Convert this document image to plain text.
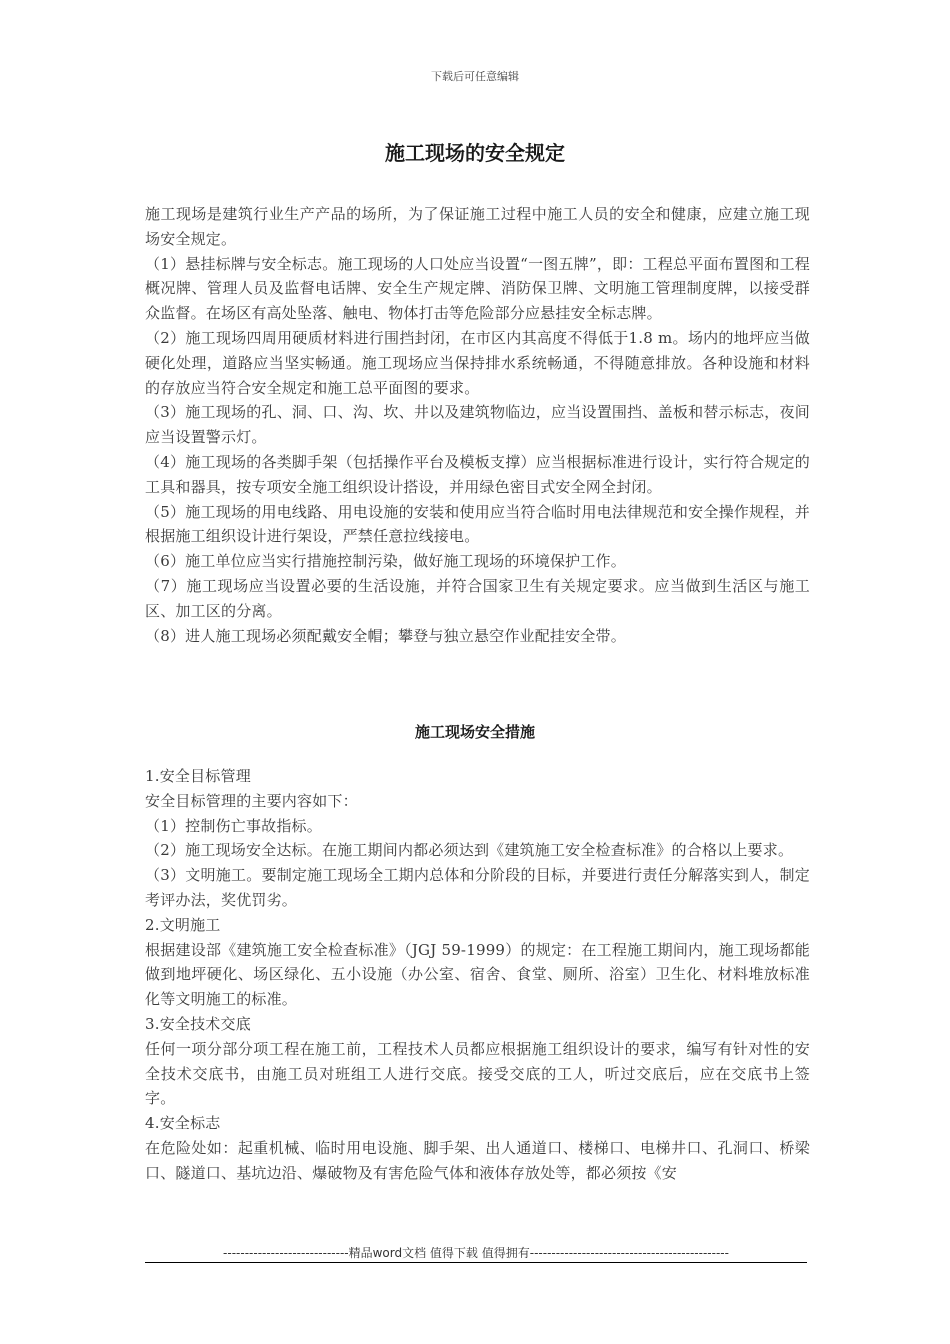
下载后可任意编辑
施工现场的安全规定

施工现场是建筑行业生产产品的场所，为了保证施工过程中施工人员的安全和健康，应建立施工现场安全规定。

（1）悬挂标牌与安全标志。施工现场的人口处应当设置“一图五牌”，即：工程总平面布置图和工程概况牌、管理人员及监督电话牌、安全生产规定牌、消防保卫牌、文明施工管理制度牌，以接受群众监督。在场区有高处坠落、触电、物体打击等危险部分应悬挂安全标志牌。

（2）施工现场四周用硬质材料进行围挡封闭，在市区内其高度不得低于1.8 m。场内的地坪应当做硬化处理，道路应当坚实畅通。施工现场应当保持排水系统畅通，不得随意排放。各种设施和材料的存放应当符合安全规定和施工总平面图的要求。

（3）施工现场的孔、洞、口、沟、坎、井以及建筑物临边，应当设置围挡、盖板和替示标志，夜间应当设置警示灯。

（4）施工现场的各类脚手架（包括操作平台及模板支撑）应当根据标准进行设计，实行符合规定的工具和器具，按专项安全施工组织设计搭设，并用绿色密目式安全网全封闭。

（5）施工现场的用电线路、用电设施的安装和使用应当符合临时用电法律规范和安全操作规程，并根据施工组织设计进行架设，严禁任意拉线接电。

（6）施工单位应当实行措施控制污染，做好施工现场的环境保护工作。

（7）施工现场应当设置必要的生活设施，并符合国家卫生有关规定要求。应当做到生活区与施工区、加工区的分离。

（8）进人施工现场必须配戴安全帽；攀登与独立悬空作业配挂安全带。

施工现场安全措施

1.安全目标管理

安全目标管理的主要内容如下：

（1）控制伤亡事故指标。

（2）施工现场安全达标。在施工期间内都必须达到《建筑施工安全检查标准》的合格以上要求。

（3）文明施工。要制定施工现场全工期内总体和分阶段的目标，并要进行责任分解落实到人，制定考评办法，奖优罚劣。

2.文明施工

根据建设部《建筑施工安全检查标准》（JGJ 59-1999）的规定：在工程施工期间内，施工现场都能做到地坪硬化、场区绿化、五小设施（办公室、宿舍、食堂、厕所、浴室）卫生化、材料堆放标准化等文明施工的标准。

3.安全技术交底

任何一项分部分项工程在施工前，工程技术人员都应根据施工组织设计的要求，编写有针对性的安全技术交底书，由施工员对班组工人进行交底。接受交底的工人，听过交底后，应在交底书上签字。

4.安全标志

在危险处如：起重机械、临时用电设施、脚手架、出人通道口、楼梯口、电梯井口、孔洞口、桥梁口、隧道口、基坑边沿、爆破物及有害危险气体和液体存放处等，都必须按《安

-----------------------------精品word文档 值得下载 值得拥有----------------------------------------------
